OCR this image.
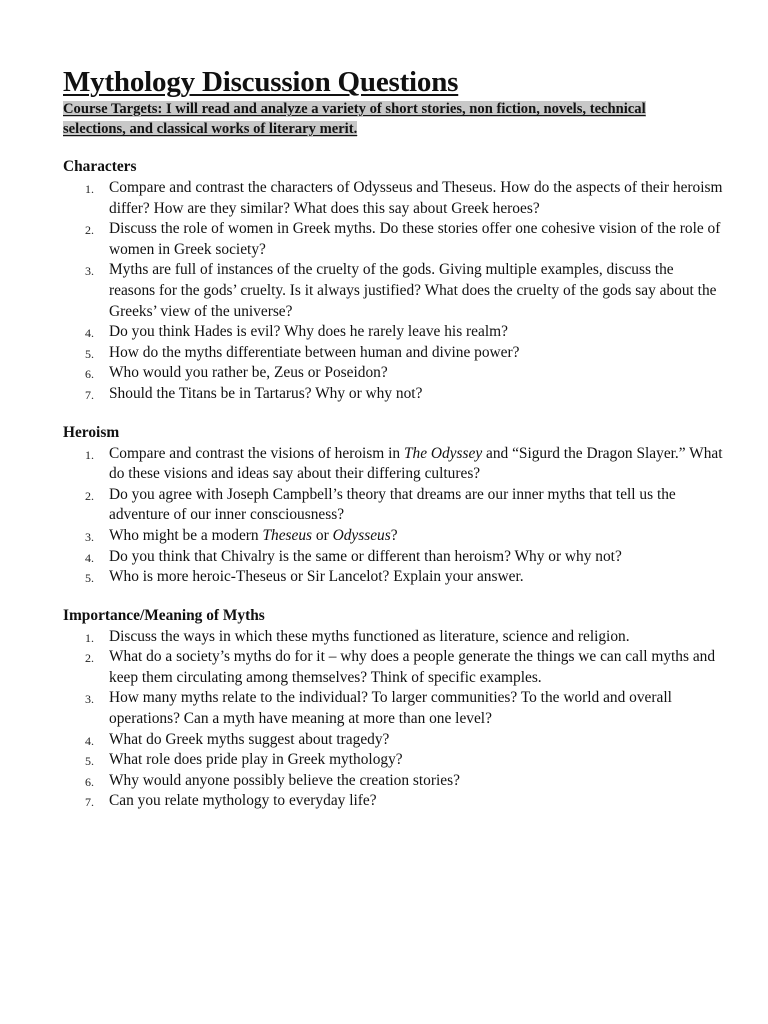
Mythology Discussion Questions
Course Targets: I will read and analyze a variety of short stories, non fiction, novels, technical selections, and classical works of literary merit.
Characters
1. Compare and contrast the characters of Odysseus and Theseus. How do the aspects of their heroism differ? How are they similar? What does this say about Greek heroes?
2. Discuss the role of women in Greek myths. Do these stories offer one cohesive vision of the role of women in Greek society?
3. Myths are full of instances of the cruelty of the gods. Giving multiple examples, discuss the reasons for the gods’ cruelty. Is it always justified? What does the cruelty of the gods say about the Greeks’ view of the universe?
4. Do you think Hades is evil? Why does he rarely leave his realm?
5. How do the myths differentiate between human and divine power?
6. Who would you rather be, Zeus or Poseidon?
7. Should the Titans be in Tartarus? Why or why not?
Heroism
1. Compare and contrast the visions of heroism in The Odyssey and “Sigurd the Dragon Slayer.” What do these visions and ideas say about their differing cultures?
2. Do you agree with Joseph Campbell’s theory that dreams are our inner myths that tell us the adventure of our inner consciousness?
3. Who might be a modern Theseus or Odysseus?
4. Do you think that Chivalry is the same or different than heroism? Why or why not?
5. Who is more heroic-Theseus or Sir Lancelot? Explain your answer.
Importance/Meaning of Myths
1. Discuss the ways in which these myths functioned as literature, science and religion.
2. What do a society’s myths do for it – why does a people generate the things we can call myths and keep them circulating among themselves? Think of specific examples.
3. How many myths relate to the individual? To larger communities? To the world and overall operations? Can a myth have meaning at more than one level?
4. What do Greek myths suggest about tragedy?
5. What role does pride play in Greek mythology?
6. Why would anyone possibly believe the creation stories?
7. Can you relate mythology to everyday life?
